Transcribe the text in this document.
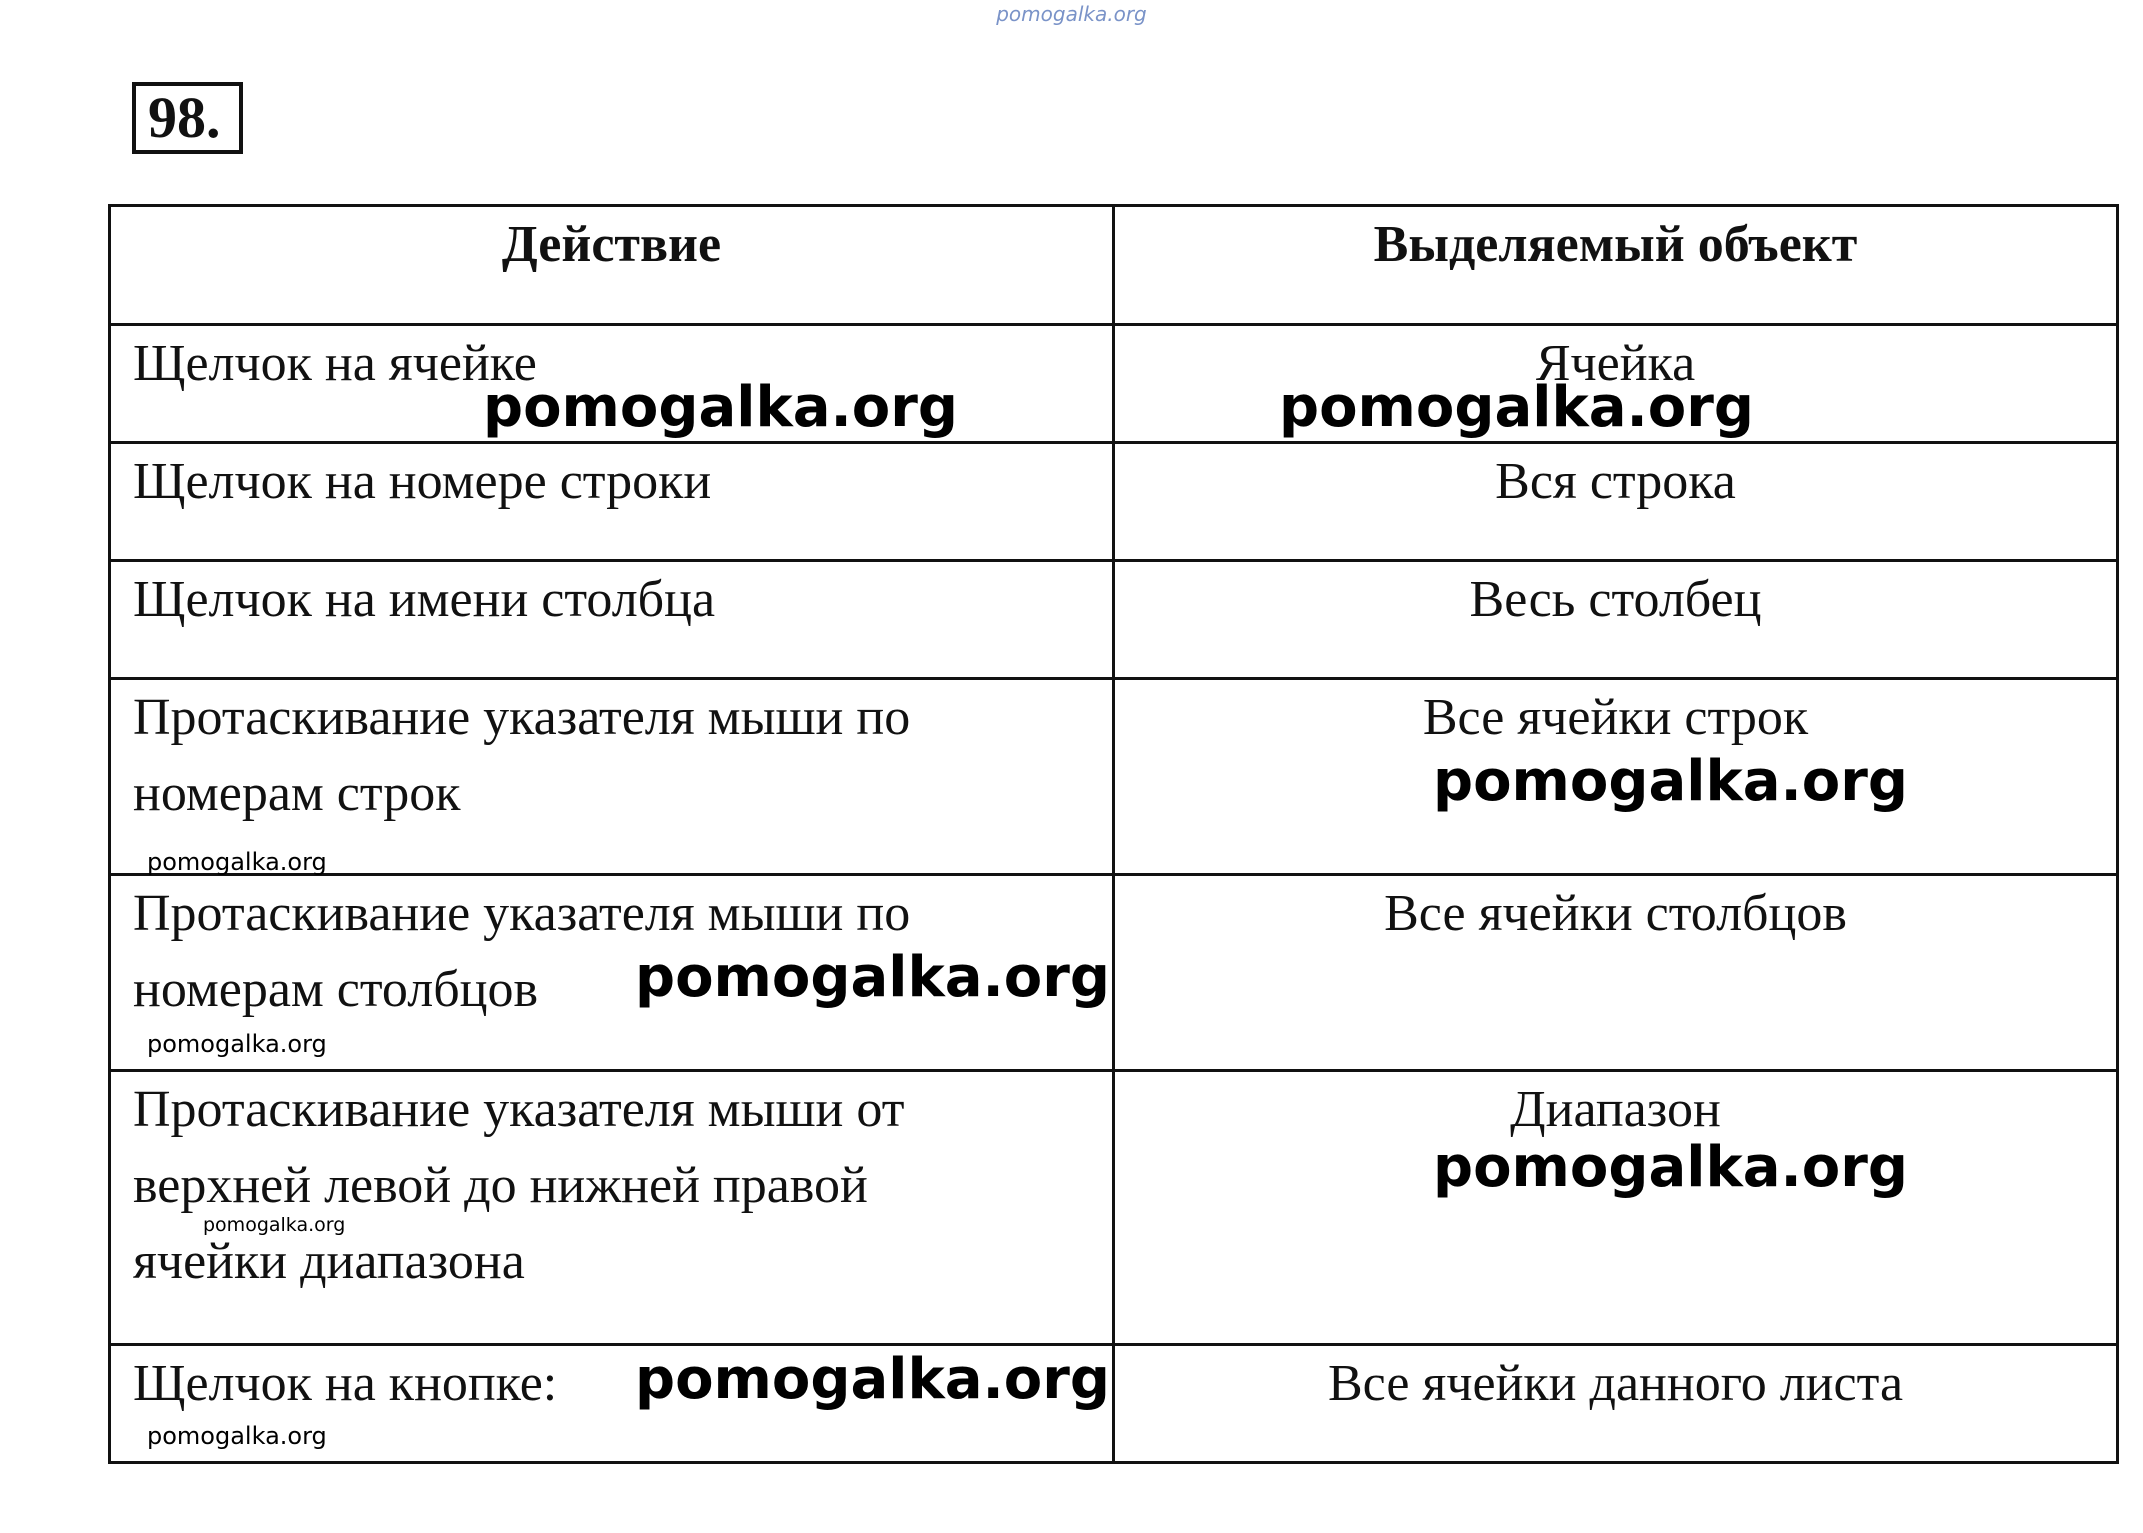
pomogalka.org
98.
Действие	Выделяемый объект

Щелчок на ячейке
pomogalka.org	Ячейка
pomogalka.org

Щелчок на номере строки	Вся строка

Щелчок на имени столбца	Весь столбец

Протаскивание указателя мыши по
номерам строк
pomogalka.org	Все ячейки строк
pomogalka.org

Протаскивание указателя мыши по
номерам столбцов pomogalka.org
pomogalka.org	Все ячейки столбцов

Протаскивание указателя мыши от
верхней левой до нижней правой
ячейки диапазона
pomogalka.org	Диапазон
pomogalka.org

Щелчок на кнопке: pomogalka.org
pomogalka.org	Все ячейки данного листа
